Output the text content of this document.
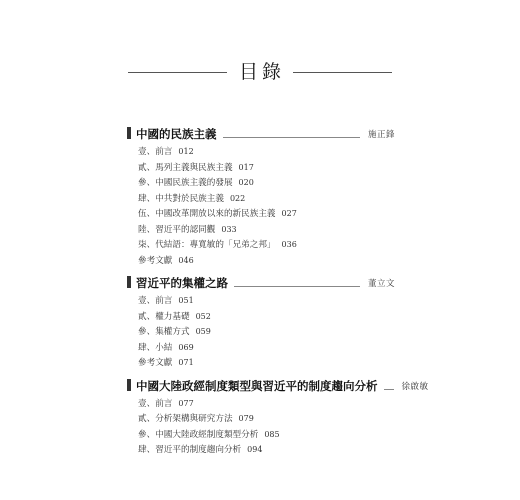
目錄
中國的民族主義	施正鋒
壹、前言 012
貳、馬列主義與民族主義 017
參、中國民族主義的發展 020
肆、中共對於民族主義 022
伍、中國改革開放以來的新民族主義 027
陸、習近平的認同觀 033
柒、代結語：專寬敏的「兄弟之邦」 036
參考文獻 046
習近平的集權之路	董立文
壹、前言 051
貳、權力基礎 052
參、集權方式 059
肆、小結 069
參考文獻 071
中國大陸政經制度類型與習近平的制度趨向分析	徐啟敏
壹、前言 077
貳、分析架構與研究方法 079
參、中國大陸政經制度類型分析 085
肆、習近平的制度趨向分析 094
